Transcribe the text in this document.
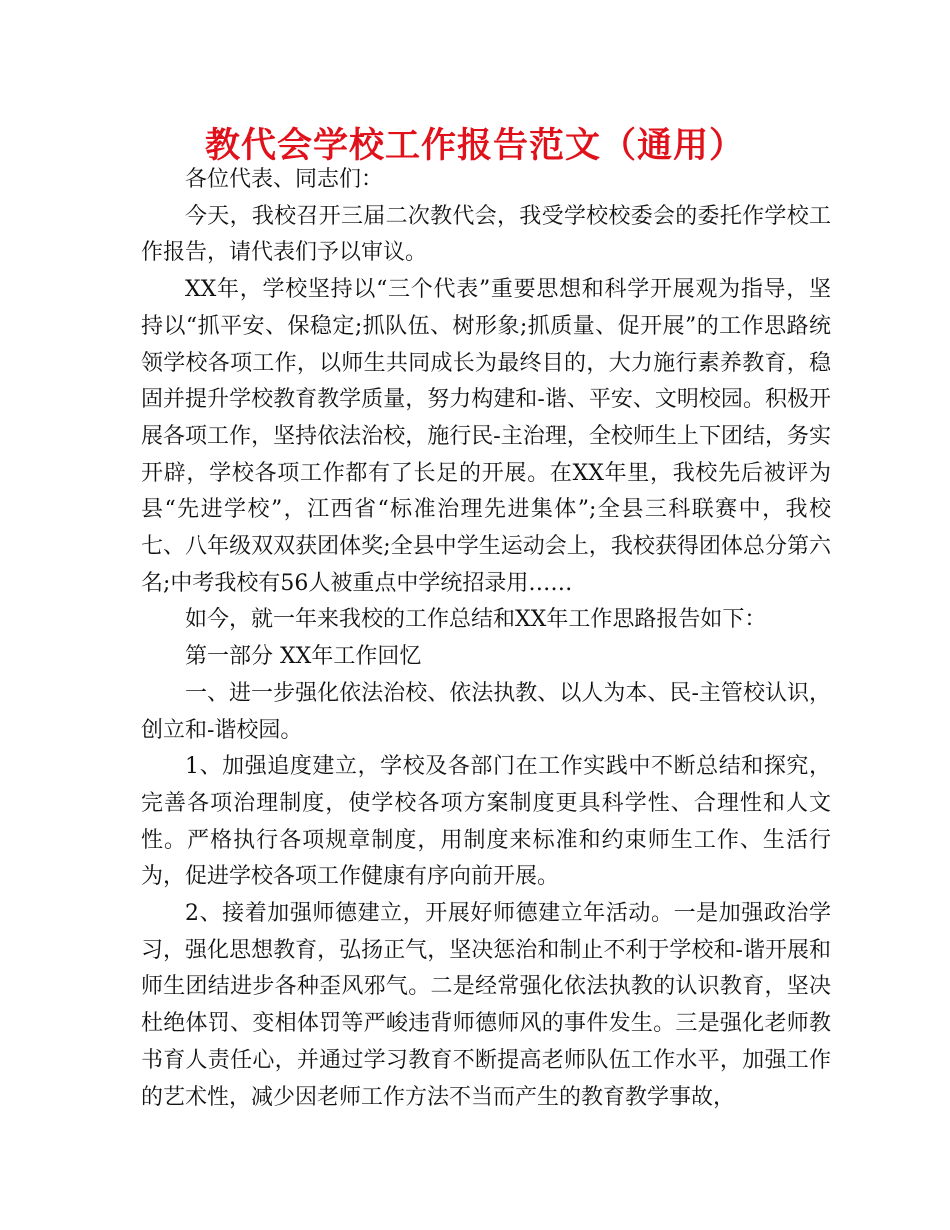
教代会学校工作报告范文（通用）

各位代表、同志们：

今天，我校召开三届二次教代会，我受学校校委会的委托作学校工作报告，请代表们予以审议。

XX年，学校坚持以“三个代表”重要思想和科学开展观为指导，坚持以“抓平安、保稳定;抓队伍、树形象;抓质量、促开展”的工作思路统领学校各项工作，以师生共同成长为最终目的，大力施行素养教育，稳固并提升学校教育教学质量，努力构建和-谐、平安、文明校园。积极开展各项工作，坚持依法治校，施行民-主治理，全校师生上下团结，务实开辟，学校各项工作都有了长足的开展。在XX年里，我校先后被评为县“先进学校”，江西省“标准治理先进集体”;全县三科联赛中，我校七、八年级双双获团体奖;全县中学生运动会上，我校获得团体总分第六名;中考我校有56人被重点中学统招录用……

如今，就一年来我校的工作总结和XX年工作思路报告如下：

第一部分 XX年工作回忆

一、进一步强化依法治校、依法执教、以人为本、民-主管校认识，创立和-谐校园。

1、加强追度建立，学校及各部门在工作实践中不断总结和探究，完善各项治理制度，使学校各项方案制度更具科学性、合理性和人文性。严格执行各项规章制度，用制度来标准和约束师生工作、生活行为，促进学校各项工作健康有序向前开展。

2、接着加强师德建立，开展好师德建立年活动。一是加强政治学习，强化思想教育，弘扬正气，坚决惩治和制止不利于学校和-谐开展和师生团结进步各种歪风邪气。二是经常强化依法执教的认识教育，坚决杜绝体罚、变相体罚等严峻违背师德师风的事件发生。三是强化老师教书育人责任心，并通过学习教育不断提高老师队伍工作水平，加强工作的艺术性，减少因老师工作方法不当而产生的教育教学事故，
